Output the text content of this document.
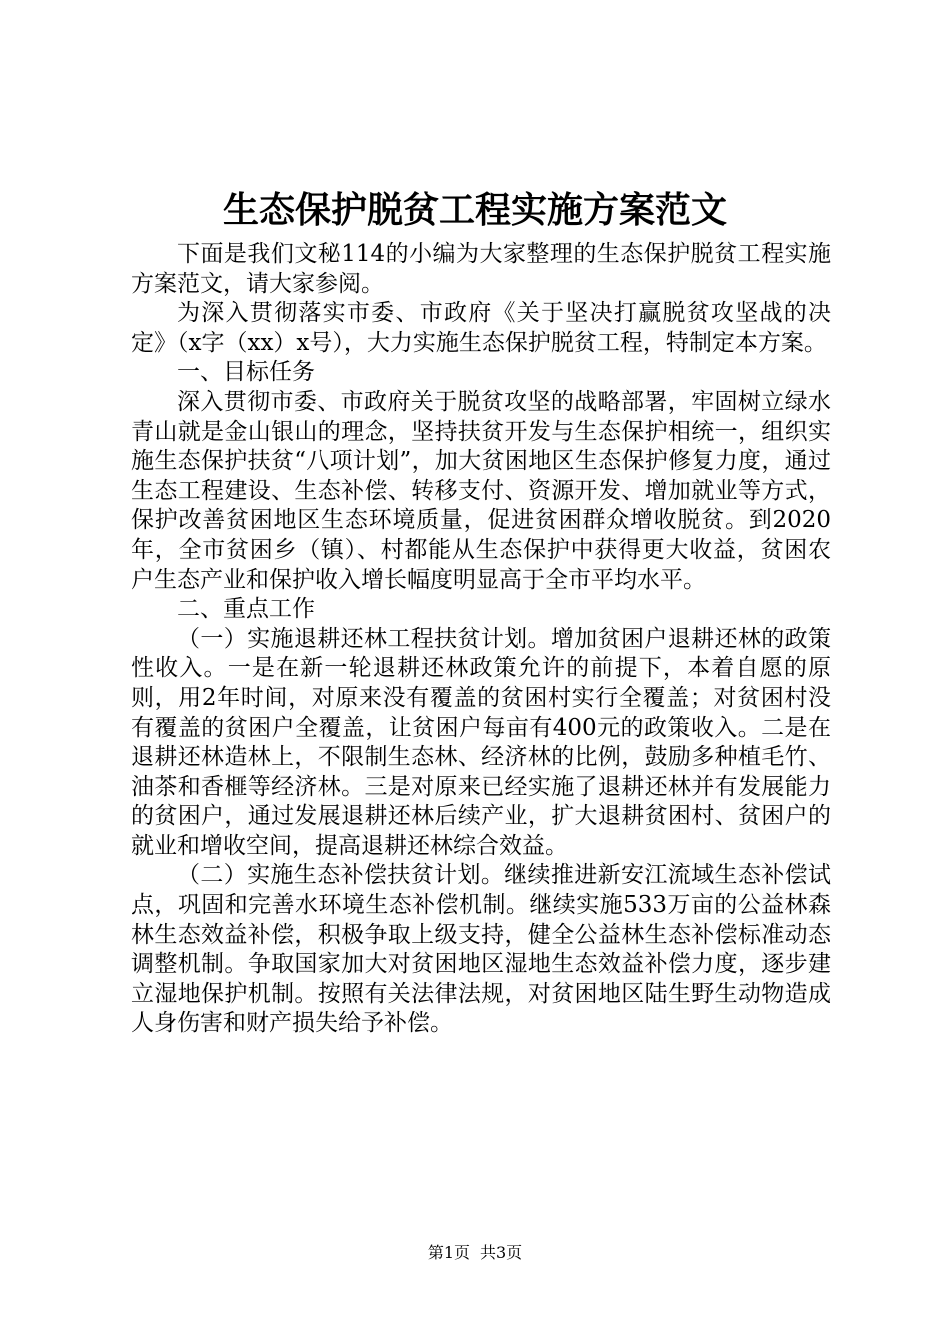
生态保护脱贫工程实施方案范文

下面是我们文秘114的小编为大家整理的生态保护脱贫工程实施方案范文，请大家参阅。

为深入贯彻落实市委、市政府《关于坚决打赢脱贫攻坚战的决定》（x字（xx）x号），大力实施生态保护脱贫工程，特制定本方案。

一、目标任务

深入贯彻市委、市政府关于脱贫攻坚的战略部署，牢固树立绿水青山就是金山银山的理念，坚持扶贫开发与生态保护相统一，组织实施生态保护扶贫“八项计划”，加大贫困地区生态保护修复力度，通过生态工程建设、生态补偿、转移支付、资源开发、增加就业等方式，保护改善贫困地区生态环境质量，促进贫困群众增收脱贫。到2020年，全市贫困乡（镇）、村都能从生态保护中获得更大收益，贫困农户生态产业和保护收入增长幅度明显高于全市平均水平。

二、重点工作

（一）实施退耕还林工程扶贫计划。增加贫困户退耕还林的政策性收入。一是在新一轮退耕还林政策允许的前提下，本着自愿的原则，用2年时间，对原来没有覆盖的贫困村实行全覆盖；对贫困村没有覆盖的贫困户全覆盖，让贫困户每亩有400元的政策收入。二是在退耕还林造林上，不限制生态林、经济林的比例，鼓励多种植毛竹、油茶和香榧等经济林。三是对原来已经实施了退耕还林并有发展能力的贫困户，通过发展退耕还林后续产业，扩大退耕贫困村、贫困户的就业和增收空间，提高退耕还林综合效益。

（二）实施生态补偿扶贫计划。继续推进新安江流域生态补偿试点，巩固和完善水环境生态补偿机制。继续实施533万亩的公益林森林生态效益补偿，积极争取上级支持，健全公益林生态补偿标准动态调整机制。争取国家加大对贫困地区湿地生态效益补偿力度，逐步建立湿地保护机制。按照有关法律法规，对贫困地区陆生野生动物造成人身伤害和财产损失给予补偿。

第1页 共3页
